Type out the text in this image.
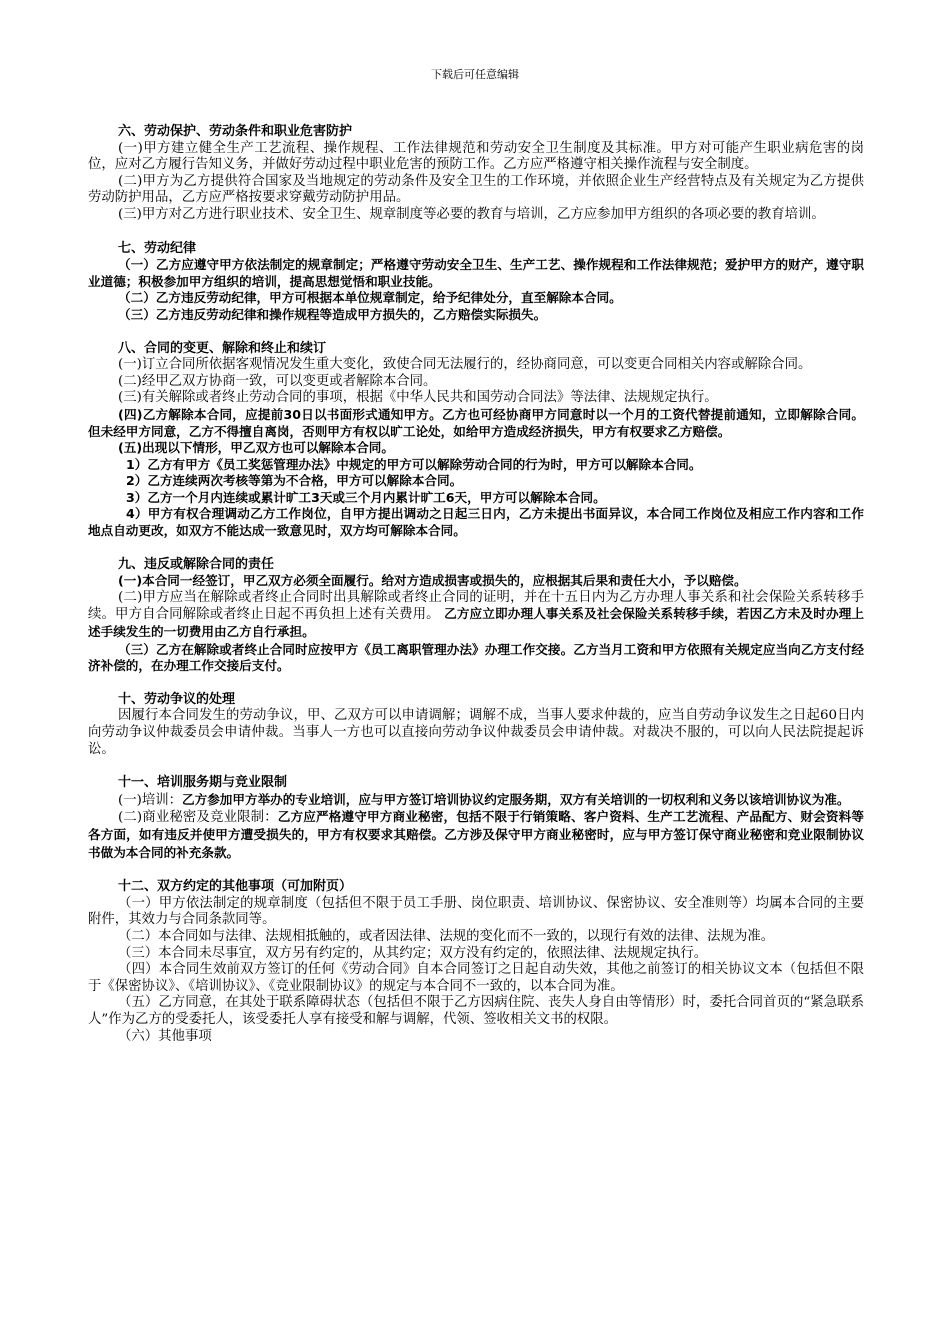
下载后可任意编辑

六、劳动保护、劳动条件和职业危害防护

(一)甲方建立健全生产工艺流程、操作规程、工作法律规范和劳动安全卫生制度及其标准。甲方对可能产生职业病危害的岗位，应对乙方履行告知义务，并做好劳动过程中职业危害的预防工作。乙方应严格遵守相关操作流程与安全制度。

(二)甲方为乙方提供符合国家及当地规定的劳动条件及安全卫生的工作环境，并依照企业生产经营特点及有关规定为乙方提供劳动防护用品，乙方应严格按要求穿戴劳动防护用品。

(三)甲方对乙方进行职业技术、安全卫生、规章制度等必要的教育与培训，乙方应参加甲方组织的各项必要的教育培训。

七、劳动纪律

（一）乙方应遵守甲方依法制定的规章制定；严格遵守劳动安全卫生、生产工艺、操作规程和工作法律规范；爱护甲方的财产，遵守职业道德；积极参加甲方组织的培训，提高思想觉悟和职业技能。

（二）乙方违反劳动纪律，甲方可根据本单位规章制定，给予纪律处分，直至解除本合同。

（三）乙方违反劳动纪律和操作规程等造成甲方损失的，乙方赔偿实际损失。

八、合同的变更、解除和终止和续订

(一)订立合同所依据客观情况发生重大变化，致使合同无法履行的，经协商同意，可以变更合同相关内容或解除合同。

(二)经甲乙双方协商一致，可以变更或者解除本合同。

(三)有关解除或者终止劳动合同的事项，根据《中华人民共和国劳动合同法》等法律、法规规定执行。

(四)乙方解除本合同，应提前30日以书面形式通知甲方。乙方也可经协商甲方同意时以一个月的工资代替提前通知，立即解除合同。但未经甲方同意，乙方不得擅自离岗，否则甲方有权以旷工论处，如给甲方造成经济损失，甲方有权要求乙方赔偿。

(五)出现以下情形，甲乙双方也可以解除本合同。

1）乙方有甲方《员工奖惩管理办法》中规定的甲方可以解除劳动合同的行为时，甲方可以解除本合同。

2）乙方连续两次考核等第为不合格，甲方可以解除本合同。

3）乙方一个月内连续或累计旷工3天或三个月内累计旷工6天，甲方可以解除本合同。

4）甲方有权合理调动乙方工作岗位，自甲方提出调动之日起三日内，乙方未提出书面异议，本合同工作岗位及相应工作内容和工作地点自动更改，如双方不能达成一致意见时，双方均可解除本合同。

九、违反或解除合同的责任

(一)本合同一经签订，甲乙双方必须全面履行。给对方造成损害或损失的，应根据其后果和责任大小，予以赔偿。

(二)甲方应当在解除或者终止合同时出具解除或者终止合同的证明，并在十五日内为乙方办理人事关系和社会保险关系转移手续。甲方自合同解除或者终止日起不再负担上述有关费用。 乙方应立即办理人事关系及社会保险关系转移手续，若因乙方未及时办理上述手续发生的一切费用由乙方自行承担。

（三）乙方在解除或者终止合同时应按甲方《员工离职管理办法》办理工作交接。乙方当月工资和甲方依照有关规定应当向乙方支付经济补偿的，在办理工作交接后支付。

十、劳动争议的处理

因履行本合同发生的劳动争议，甲、乙双方可以申请调解；调解不成，当事人要求仲裁的，应当自劳动争议发生之日起60日内向劳动争议仲裁委员会申请仲裁。当事人一方也可以直接向劳动争议仲裁委员会申请仲裁。对裁决不服的，可以向人民法院提起诉讼。

十一、培训服务期与竞业限制

(一)培训：乙方参加甲方举办的专业培训，应与甲方签订培训协议约定服务期，双方有关培训的一切权利和义务以该培训协议为准。

(二)商业秘密及竞业限制：乙方应严格遵守甲方商业秘密，包括不限于行销策略、客户资料、生产工艺流程、产品配方、财会资料等各方面，如有违反并使甲方遭受损失的，甲方有权要求其赔偿。乙方涉及保守甲方商业秘密时，应与甲方签订保守商业秘密和竞业限制协议书做为本合同的补充条款。

十二、双方约定的其他事项（可加附页）

（一）甲方依法制定的规章制度（包括但不限于员工手册、岗位职责、培训协议、保密协议、安全准则等）均属本合同的主要附件，其效力与合同条款同等。

（二）本合同如与法律、法规相抵触的，或者因法律、法规的变化而不一致的，以现行有效的法律、法规为准。

（三）本合同未尽事宜，双方另有约定的，从其约定；双方没有约定的，依照法律、法规规定执行。

（四）本合同生效前双方签订的任何《劳动合同》自本合同签订之日起自动失效，其他之前签订的相关协议文本（包括但不限于《保密协议》、《培训协议》、《竞业限制协议》的规定与本合同不一致的，以本合同为准。

（五）乙方同意，在其处于联系障碍状态（包括但不限于乙方因病住院、丧失人身自由等情形）时，委托合同首页的“紧急联系人”作为乙方的受委托人，该受委托人享有接受和解与调解，代领、签收相关文书的权限。

（六）其他事项
